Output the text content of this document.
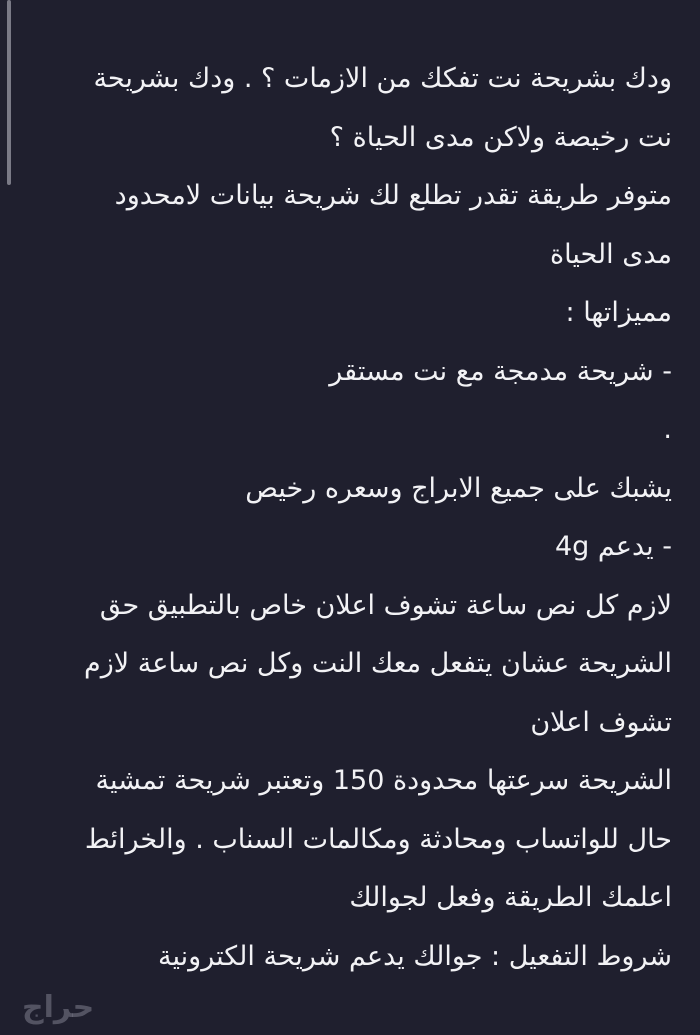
ودك بشريحة نت تفكك من الازمات ؟ . ودك بشريحة
نت رخيصة ولاكن مدى الحياة ؟
متوفر طريقة تقدر تطلع لك شريحة بيانات لامحدود
مدى الحياة
مميزاتها :
- شريحة مدمجة مع نت مستقر
.
يشبك على جميع الابراج وسعره رخيص
- يدعم 4g
لازم كل نص ساعة تشوف اعلان خاص بالتطبيق حق
الشريحة عشان يتفعل معك النت وكل نص ساعة لازم
تشوف اعلان
الشريحة سرعتها محدودة 150 وتعتبر شريحة تمشية
حال للواتساب ومحادثة ومكالمات السناب . والخرائط
اعلمك الطريقة وفعل لجوالك
شروط التفعيل : جوالك يدعم شريحة الكترونية
حراج
